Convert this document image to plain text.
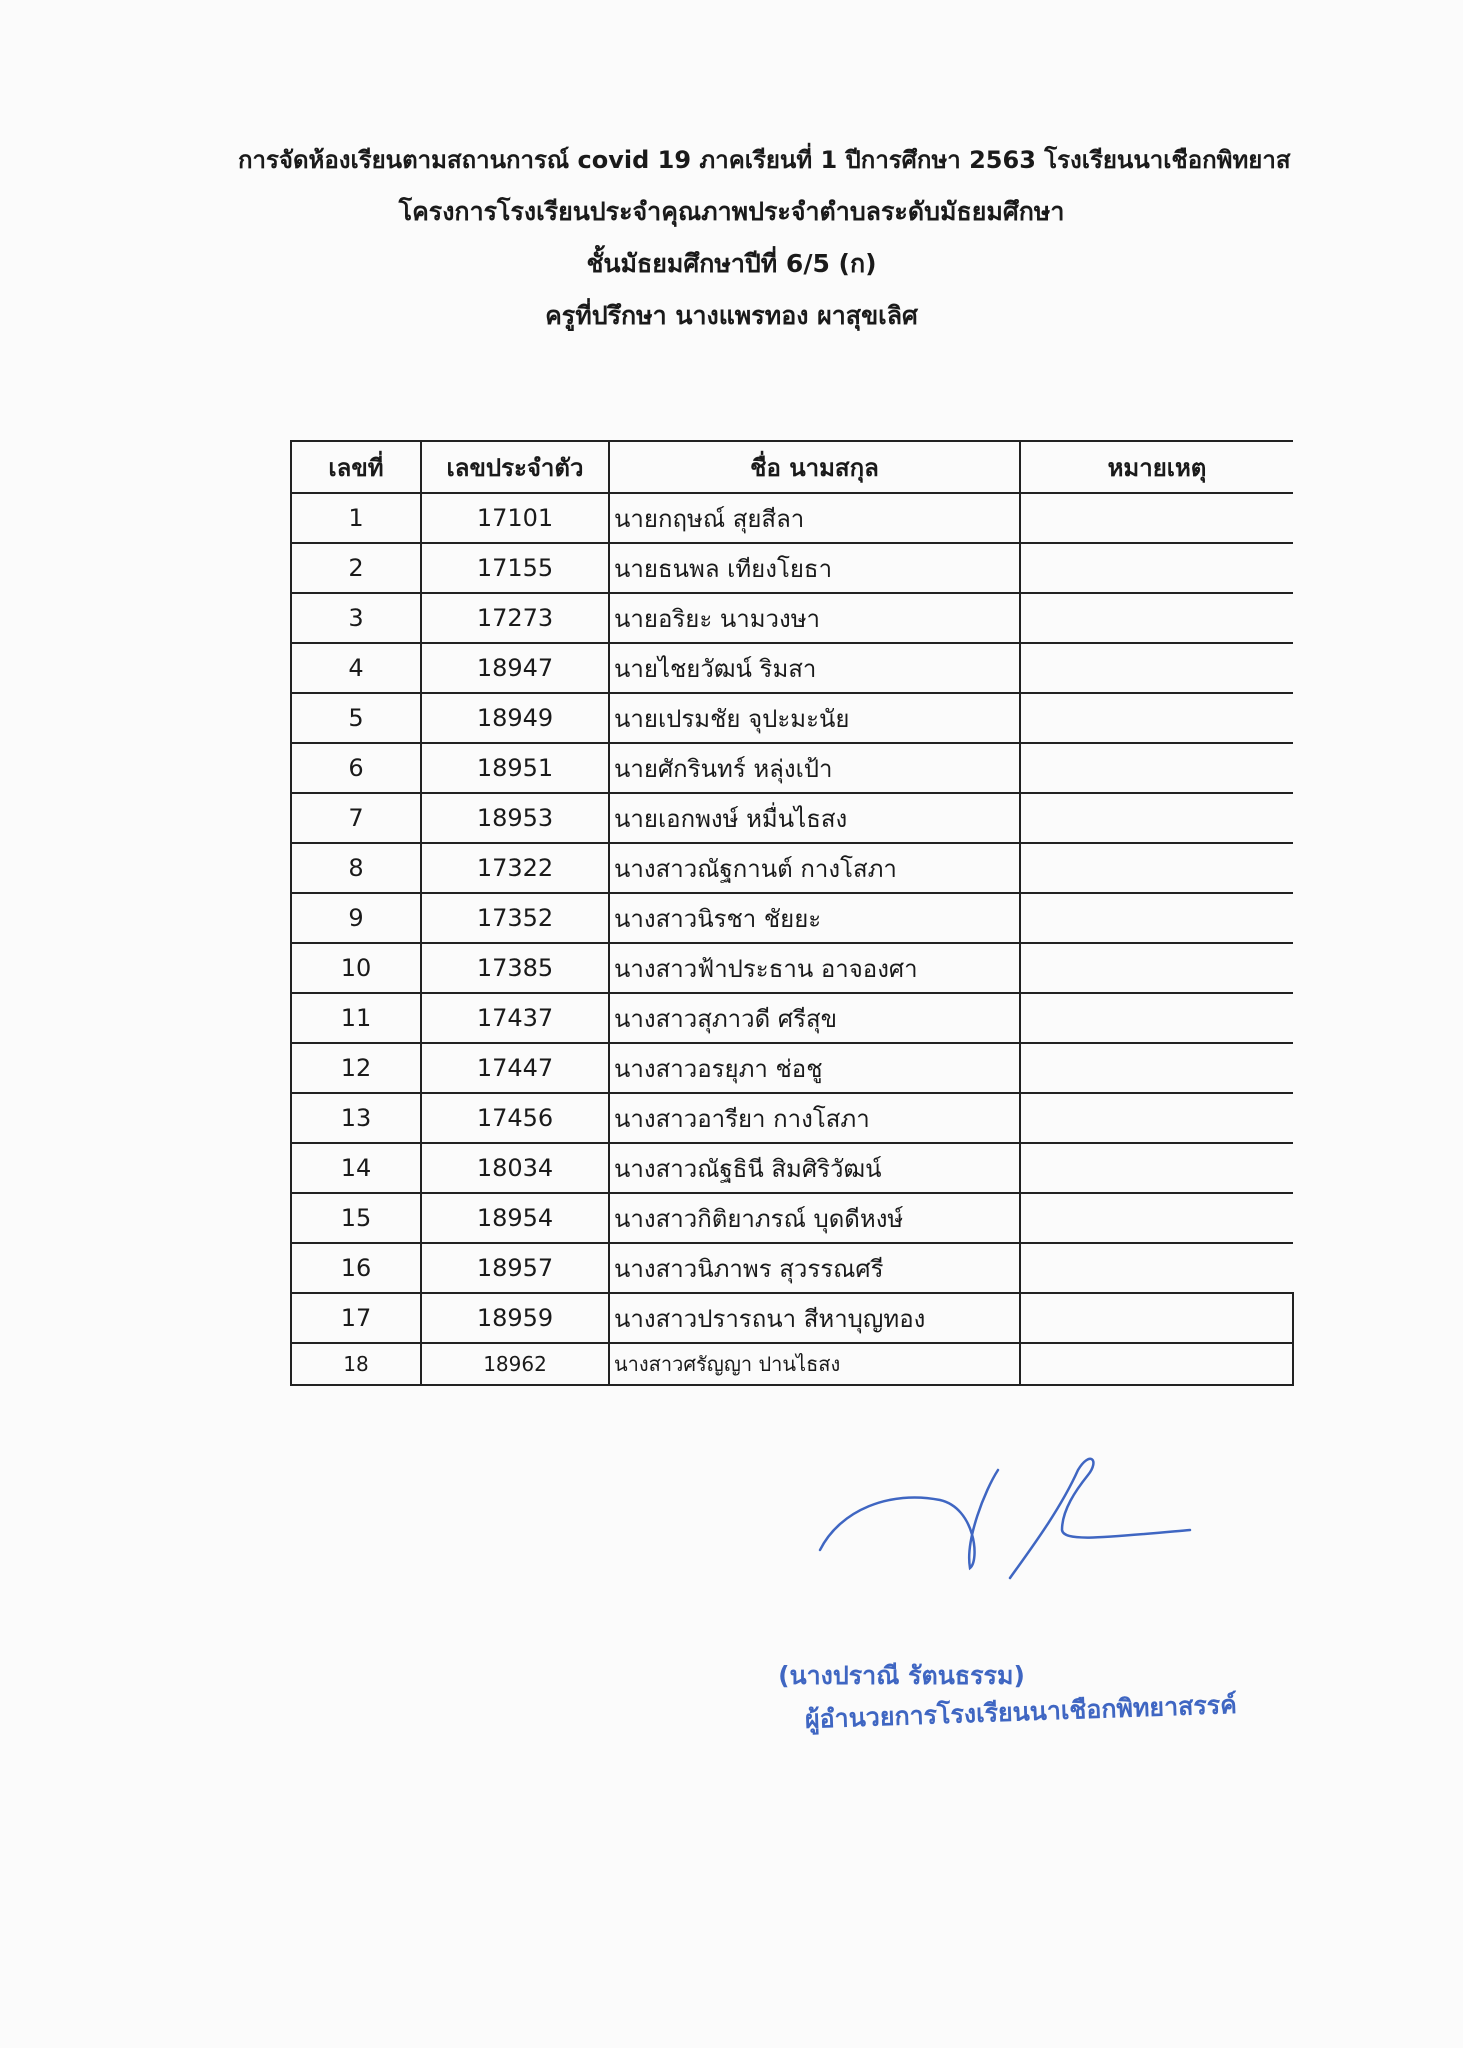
การจัดห้องเรียนตามสถานการณ์ covid 19 ภาคเรียนที่ 1 ปีการศึกษา 2563 โรงเรียนนาเชือกพิทยาส
โครงการโรงเรียนประจำคุณภาพประจำตำบลระดับมัธยมศึกษา
ชั้นมัธยมศึกษาปีที่ 6/5 (ก)
ครูที่ปรึกษา นางแพรทอง ผาสุขเลิศ
เลขที่	เลขประจำตัว	ชื่อ นามสกุล	หมายเหตุ
1	17101	นายกฤษณ์ สุยสีลา	
2	17155	นายธนพล เทียงโยธา	
3	17273	นายอริยะ นามวงษา	
4	18947	นายไชยวัฒน์ ริมสา	
5	18949	นายเปรมชัย จุปะมะนัย	
6	18951	นายศักรินทร์ หลุ่งเป้า	
7	18953	นายเอกพงษ์ หมื่นไธสง	
8	17322	นางสาวณัฐกานต์ กางโสภา	
9	17352	นางสาวนิรชา ชัยยะ	
10	17385	นางสาวฟ้าประธาน อาจองศา	
11	17437	นางสาวสุภาวดี ศรีสุข	
12	17447	นางสาวอรยุภา ช่อชู	
13	17456	นางสาวอารียา กางโสภา	
14	18034	นางสาวณัฐธินี สิมศิริวัฒน์	
15	18954	นางสาวกิติยาภรณ์ บุดดีหงษ์	
16	18957	นางสาวนิภาพร สุวรรณศรี	
17	18959	นางสาวปรารถนา สีหาบุญทอง	
18	18962	นางสาวศรัญญา ปานไธสง	
(นางปราณี รัตนธรรม)
ผู้อำนวยการโรงเรียนนาเชือกพิทยาสรรค์
